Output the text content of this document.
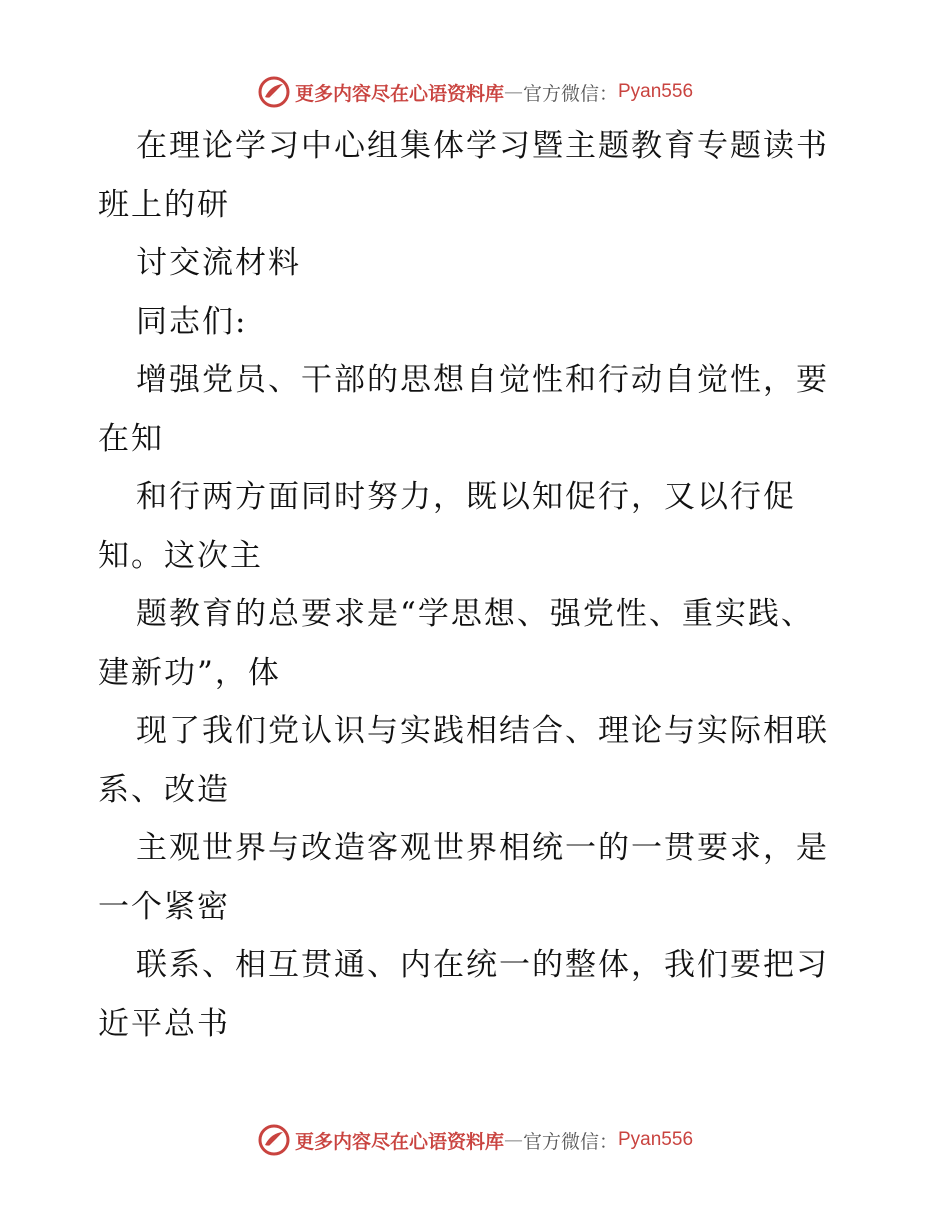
更多内容尽在心语资料库 — 官方微信： Pyan556
在理论学习中心组集体学习暨主题教育专题读书
班上的研
讨交流材料
同志们:
增强党员、干部的思想自觉性和行动自觉性，要
在知
和行两方面同时努力，既以知促行，又以行促
知。这次主
题教育的总要求是“学思想、强党性、重实践、
建新功”，体
现了我们党认识与实践相结合、理论与实际相联
系、改造
主观世界与改造客观世界相统一的一贯要求，是
一个紧密
联系、相互贯通、内在统一的整体，我们要把习
近平总书
更多内容尽在心语资料库 — 官方微信： Pyan556
